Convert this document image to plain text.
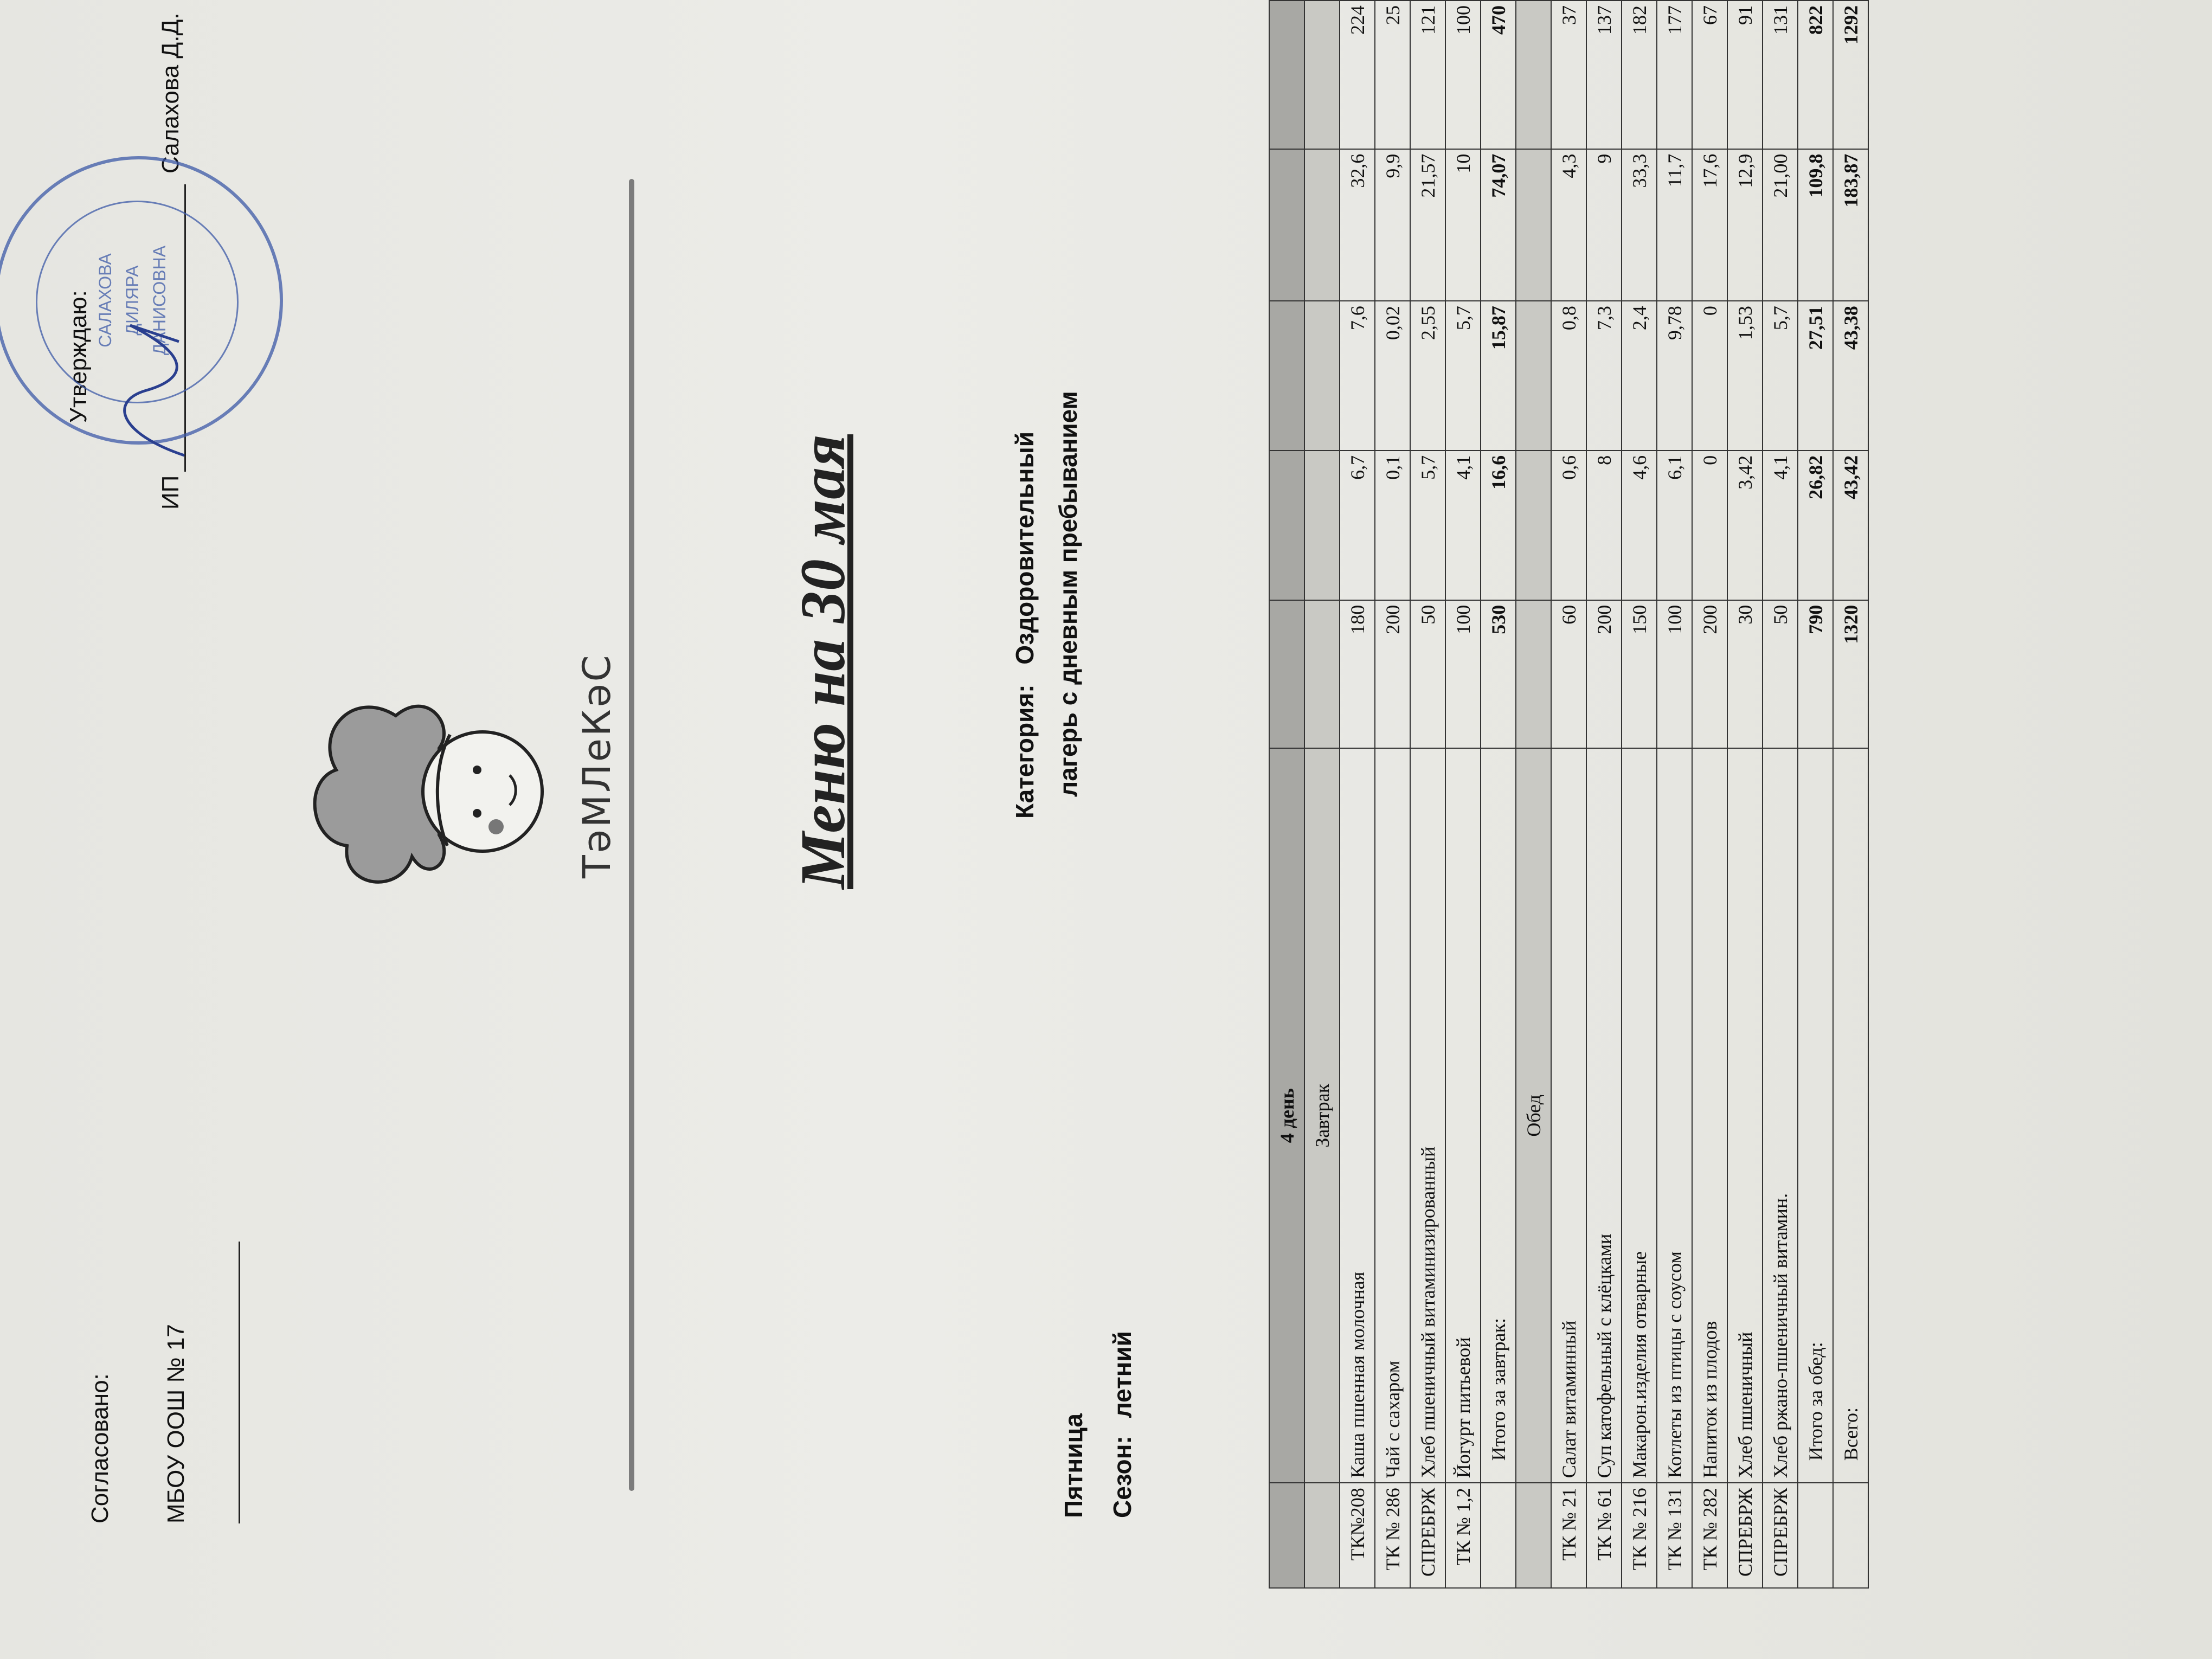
Согласовано: МБОУ ООШ № 17
Утверждаю:
ИП
Салахова Д.Д.
САЛАХОВА ДИЛЯРА ДАНИСОВНА
ТәМЛеКәС	Меню на 30 мая	Категория: Оздоровительный лагерь с дневным пребыванием
Пятница Сезон: летний
	4 день					
	Завтрак					
ТК№208	Каша пшенная молочная	180	6,7	7,6	32,6	224
ТК № 286	Чай с сахаром	200	0,1	0,02	9,9	25
СПРЕБРЖ	Хлеб пшеничный витаминизированный	50	5,7	2,55	21,57	121
ТК № 1,2	Йогурт питьевой	100	4,1	5,7	10	100
	Итого за завтрак:	530	16,6	15,87	74,07	470
	Обед					
ТК № 21	Салат витаминный	60	0,6	0,8	4,3	37
ТК № 61	Суп катофельный с клёцками	200	8	7,3	9	137
ТК № 216	Макарон.изделия отварные	150	4,6	2,4	33,3	182
ТК № 131	Котлеты из птицы с соусом	100	6,1	9,78	11,7	177
ТК № 282	Напиток из плодов	200	0	0	17,6	67
СПРЕБРЖ	Хлеб пшеничный	30	3,42	1,53	12,9	91
СПРЕБРЖ	Хлеб ржано-пшеничный витамин.	50	4,1	5,7	21,00	131
	Итого за обед:	790	26,82	27,51	109,8	822
	Всего:	1320	43,42	43,38	183,87	1292
